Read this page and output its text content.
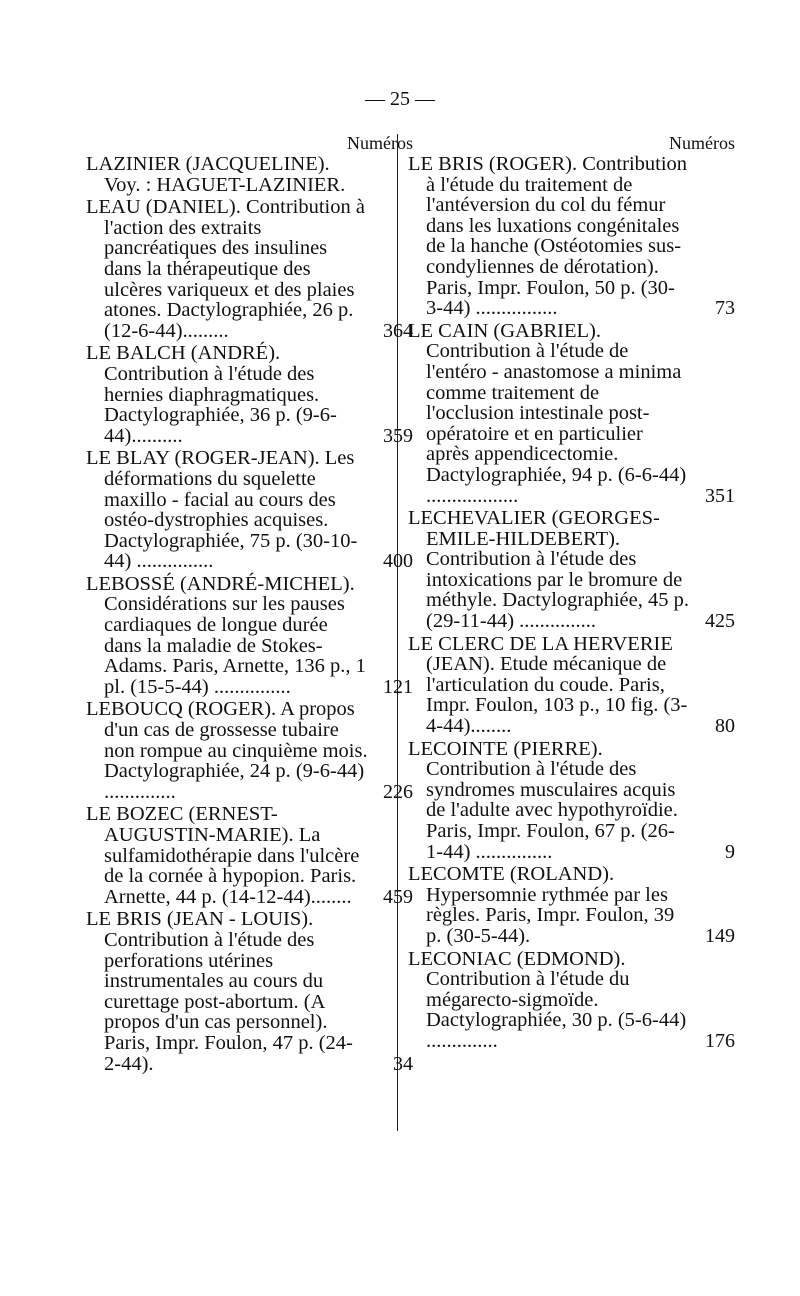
— 25 —
Numéros
LAZINIER (JACQUELINE). Voy. : HAGUET-LAZINIER.
LEAU (DANIEL). Contribution à l'action des extraits pancréatiques des insulines dans la thérapeutique des ulcères variqueux et des plaies atones. Dactylographiée, 26 p. (12-6-44).........	364
LE BALCH (ANDRÉ). Contribution à l'étude des hernies diaphragmatiques. Dactylographiée, 36 p. (9-6-44)..........	359
LE BLAY (ROGER-JEAN). Les déformations du squelette maxillo - facial au cours des ostéo-dystrophies acquises. Dactylographiée, 75 p. (30-10-44) ...............	400
LEBOSSÉ (ANDRÉ-MICHEL). Considérations sur les pauses cardiaques de longue durée dans la maladie de Stokes-Adams. Paris, Arnette, 136 p., 1 pl. (15-5-44) ...............	121
LEBOUCQ (ROGER). A propos d'un cas de grossesse tubaire non rompue au cinquième mois. Dactylographiée, 24 p. (9-6-44) ..............	226
LE BOZEC (ERNEST-AUGUSTIN-MARIE). La sulfamidothérapie dans l'ulcère de la cornée à hypopion. Paris. Arnette, 44 p. (14-12-44)........ 459
LE BRIS (JEAN - LOUIS). Contribution à l'étude des perforations utérines instrumentales au cours du curettage post-abortum. (A propos d'un cas personnel). Paris, Impr. Foulon, 47 p. (24-2-44).	34
Numéros
LE BRIS (ROGER). Contribution à l'étude du traitement de l'antéversion du col du fémur dans les luxations congénitales de la hanche (Ostéotomies sus-condyliennes de dérotation). Paris, Impr. Foulon, 50 p. (30-3-44) ................	73
LE CAIN (GABRIEL). Contribution à l'étude de l'entéro - anastomose a minima comme traitement de l'occlusion intestinale post-opératoire et en particulier après appendicectomie. Dactylographiée, 94 p. (6-6-44) ..................	351
LECHEVALIER (GEORGES-EMILE-HILDEBERT). Contribution à l'étude des intoxications par le bromure de méthyle. Dactylographiée, 45 p. (29-11-44) ...............	425
LE CLERC DE LA HERVERIE (JEAN). Etude mécanique de l'articulation du coude. Paris, Impr. Foulon, 103 p., 10 fig. (3-4-44)........	80
LECOINTE (PIERRE). Contribution à l'étude des syndromes musculaires acquis de l'adulte avec hypothyroïdie. Paris, Impr. Foulon, 67 p. (26-1-44) ...............	9
LECOMTE (ROLAND). Hypersomnie rythmée par les règles. Paris, Impr. Foulon, 39 p. (30-5-44).	149
LECONIAC (EDMOND). Contribution à l'étude du mégarecto-sigmoïde. Dactylographiée, 30 p. (5-6-44) ..............	176
